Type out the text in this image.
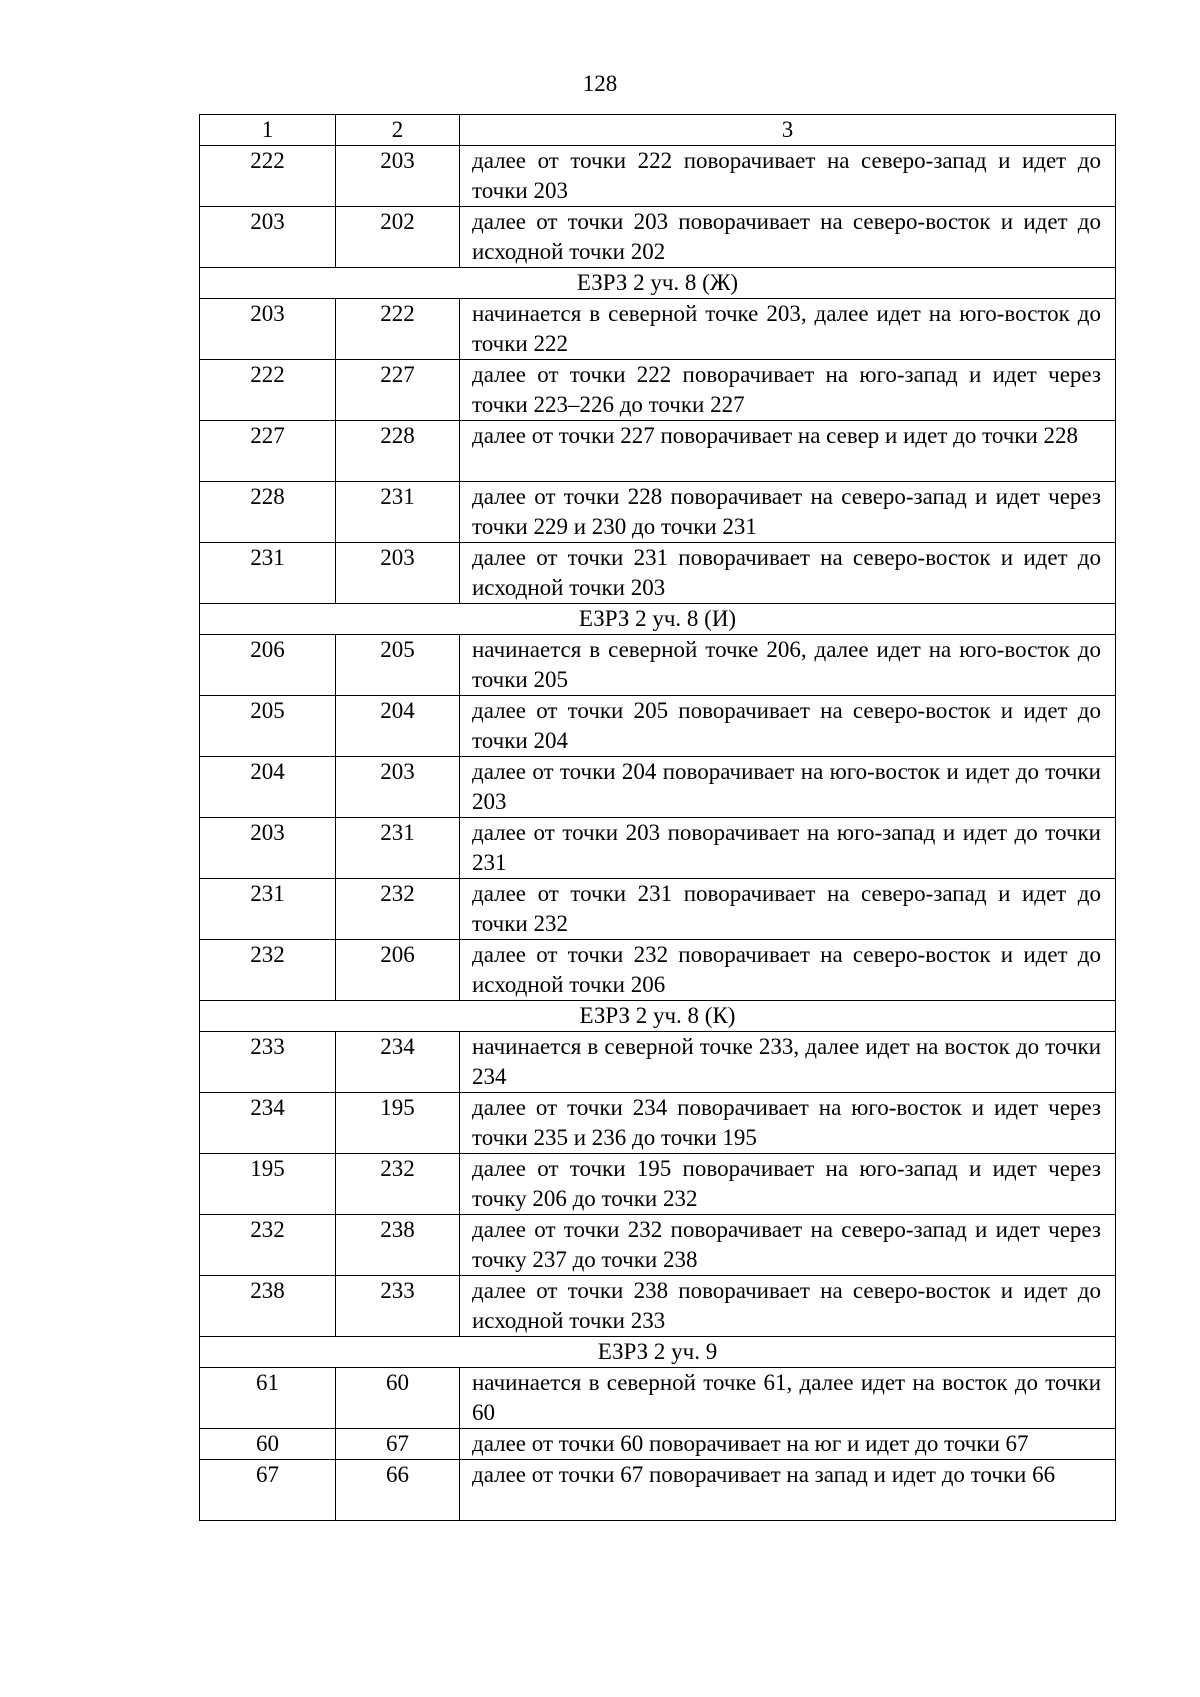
128
1	2	3
222	203	далее от точки 222 поворачивает на северо-запад и идет до точки 203
203	202	далее от точки 203 поворачивает на северо-восток и идет до исходной точки 202
ЕЗРЗ 2 уч. 8 (Ж)		
203	222	начинается в северной точке 203, далее идет на юго-восток до точки 222
222	227	далее от точки 222 поворачивает на юго-запад и идет через точки 223–226 до точки 227
227	228	далее от точки 227 поворачивает на север и идет до точки 228
228	231	далее от точки 228 поворачивает на северо-запад и идет через точки 229 и 230 до точки 231
231	203	далее от точки 231 поворачивает на северо-восток и идет до исходной точки 203
ЕЗРЗ 2 уч. 8 (И)		
206	205	начинается в северной точке 206, далее идет на юго-восток до точки 205
205	204	далее от точки 205 поворачивает на северо-восток и идет до точки 204
204	203	далее от точки 204 поворачивает на юго-восток и идет до точки 203
203	231	далее от точки 203 поворачивает на юго-запад и идет до точки 231
231	232	далее от точки 231 поворачивает на северо-запад и идет до точки 232
232	206	далее от точки 232 поворачивает на северо-восток и идет до исходной точки 206
ЕЗРЗ 2 уч. 8 (К)		
233	234	начинается в северной точке 233, далее идет на восток до точки 234
234	195	далее от точки 234 поворачивает на юго-восток и идет через точки 235 и 236 до точки 195
195	232	далее от точки 195 поворачивает на юго-запад и идет через точку 206 до точки 232
232	238	далее от точки 232 поворачивает на северо-запад и идет через точку 237 до точки 238
238	233	далее от точки 238 поворачивает на северо-восток и идет до исходной точки 233
ЕЗРЗ 2 уч. 9		
61	60	начинается в северной точке 61, далее идет на восток до точки 60
60	67	далее от точки 60 поворачивает на юг и идет до точки 67
67	66	далее от точки 67 поворачивает на запад и идет до точки 66
